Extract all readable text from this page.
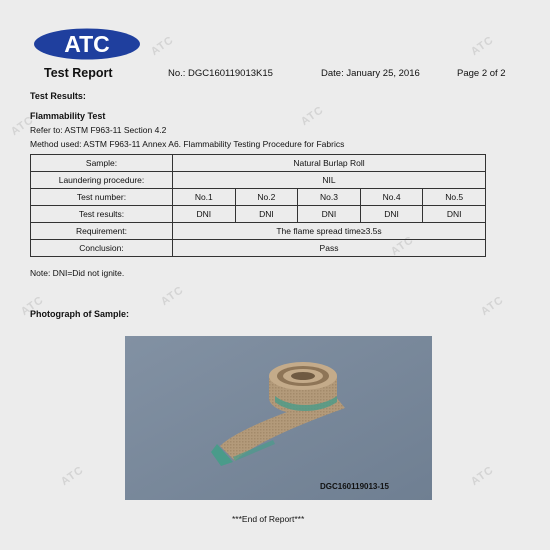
ATC
ATC
ATC
ATC
ATC	ATC
ATC	ATC
ATC
ATC
ATC
Test Report	No.: DGC160119013K15	Date: January 25, 2016	Page 2 of 2
Test Results:
Flammability Test
Refer to: ASTM F963-11 Section 4.2
Method used: ASTM F963-11 Annex A6. Flammability Testing Procedure for Fabrics
Sample:	Natural Burlap Roll				
Laundering procedure:	NIL				
Test number:	No.1	No.2	No.3	No.4	No.5
Test results:	DNI	DNI	DNI	DNI	DNI
Requirement:	The flame spread time≥3.5s				
Conclusion:	Pass				
Note: DNI=Did not ignite.
Photograph of Sample:
DGC160119013-15
***End of Report***
